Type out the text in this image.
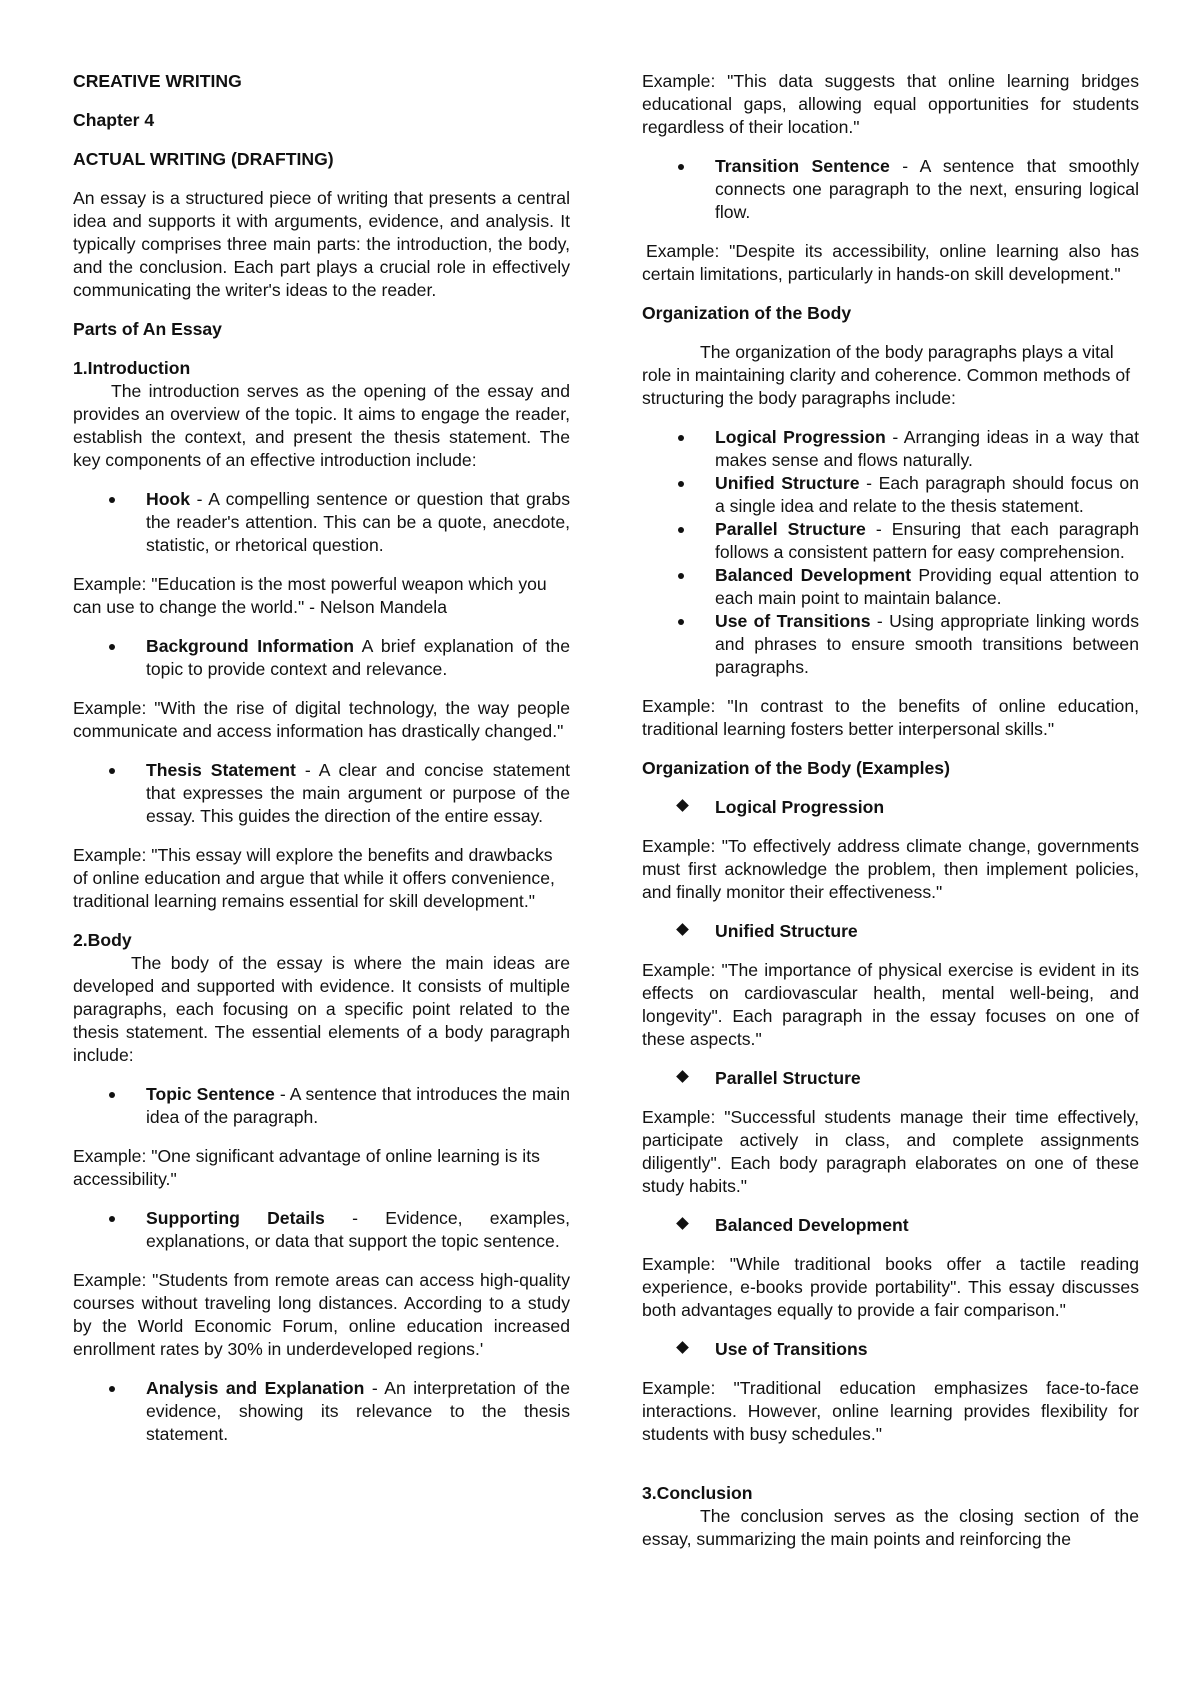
CREATIVE WRITING

Chapter 4

ACTUAL WRITING (DRAFTING)

An essay is a structured piece of writing that presents a central idea and supports it with arguments, evidence, and analysis. It typically comprises three main parts: the introduction, the body, and the conclusion. Each part plays a crucial role in effectively communicating the writer's ideas to the reader.

Parts of An Essay

1.Introduction

The introduction serves as the opening of the essay and provides an overview of the topic. It aims to engage the reader, establish the context, and present the thesis statement. The key components of an effective introduction include:

Hook - A compelling sentence or question that grabs the reader's attention. This can be a quote, anecdote, statistic, or rhetorical question.

Example: "Education is the most powerful weapon which you can use to change the world." - Nelson Mandela

Background Information A brief explanation of the topic to provide context and relevance.

Example: "With the rise of digital technology, the way people communicate and access information has drastically changed."

Thesis Statement - A clear and concise statement that expresses the main argument or purpose of the essay. This guides the direction of the entire essay.

Example: "This essay will explore the benefits and drawbacks of online education and argue that while it offers convenience, traditional learning remains essential for skill development."

2.Body

The body of the essay is where the main ideas are developed and supported with evidence. It consists of multiple paragraphs, each focusing on a specific point related to the thesis statement. The essential elements of a body paragraph include:

Topic Sentence - A sentence that introduces the main idea of the paragraph.

Example: "One significant advantage of online learning is its accessibility."

Supporting Details - Evidence, examples, explanations, or data that support the topic sentence.

Example: "Students from remote areas can access high-quality courses without traveling long distances. According to a study by the World Economic Forum, online education increased enrollment rates by 30% in underdeveloped regions.'

Analysis and Explanation - An interpretation of the evidence, showing its relevance to the thesis statement.

Example: "This data suggests that online learning bridges educational gaps, allowing equal opportunities for students regardless of their location."

Transition Sentence - A sentence that smoothly connects one paragraph to the next, ensuring logical flow.

Example: "Despite its accessibility, online learning also has certain limitations, particularly in hands-on skill development."

Organization of the Body

The organization of the body paragraphs plays a vital role in maintaining clarity and coherence. Common methods of structuring the body paragraphs include:

Logical Progression - Arranging ideas in a way that makes sense and flows naturally.
Unified Structure - Each paragraph should focus on a single idea and relate to the thesis statement.
Parallel Structure - Ensuring that each paragraph follows a consistent pattern for easy comprehension.
Balanced Development Providing equal attention to each main point to maintain balance.
Use of Transitions - Using appropriate linking words and phrases to ensure smooth transitions between paragraphs.

Example: "In contrast to the benefits of online education, traditional learning fosters better interpersonal skills."

Organization of the Body (Examples)

Logical Progression

Example: "To effectively address climate change, governments must first acknowledge the problem, then implement policies, and finally monitor their effectiveness."

Unified Structure

Example: "The importance of physical exercise is evident in its effects on cardiovascular health, mental well-being, and longevity". Each paragraph in the essay focuses on one of these aspects."

Parallel Structure

Example: "Successful students manage their time effectively, participate actively in class, and complete assignments diligently". Each body paragraph elaborates on one of these study habits."

Balanced Development

Example: "While traditional books offer a tactile reading experience, e-books provide portability". This essay discusses both advantages equally to provide a fair comparison."

Use of Transitions

Example: "Traditional education emphasizes face-to-face interactions. However, online learning provides flexibility for students with busy schedules."

3.Conclusion

The conclusion serves as the closing section of the essay, summarizing the main points and reinforcing the
